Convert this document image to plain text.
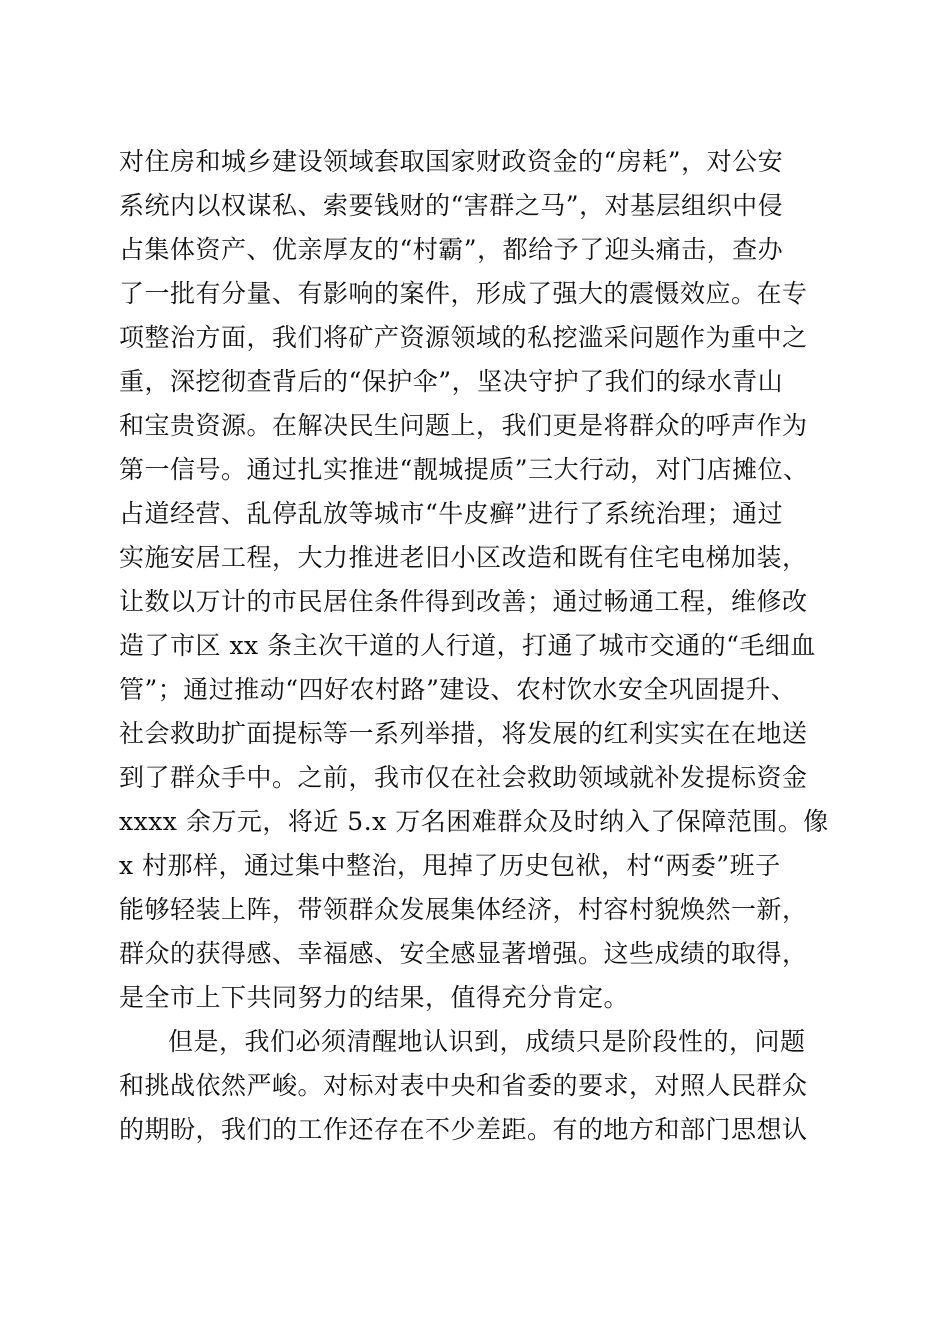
对住房和城乡建设领域套取国家财政资金的“房耗”，对公安
系统内以权谋私、索要钱财的“害群之马”，对基层组织中侵
占集体资产、优亲厚友的“村霸”，都给予了迎头痛击，查办
了一批有分量、有影响的案件，形成了强大的震慑效应。在专
项整治方面，我们将矿产资源领域的私挖滥采问题作为重中之
重，深挖彻查背后的“保护伞”，坚决守护了我们的绿水青山
和宝贵资源。在解决民生问题上，我们更是将群众的呼声作为
第一信号。通过扎实推进“靓城提质”三大行动，对门店摊位、
占道经营、乱停乱放等城市“牛皮癣”进行了系统治理；通过
实施安居工程，大力推进老旧小区改造和既有住宅电梯加装，
让数以万计的市民居住条件得到改善；通过畅通工程，维修改
造了市区 xx 条主次干道的人行道，打通了城市交通的“毛细血
管”；通过推动“四好农村路”建设、农村饮水安全巩固提升、
社会救助扩面提标等一系列举措，将发展的红利实实在在地送
到了群众手中。之前，我市仅在社会救助领域就补发提标资金
xxxx 余万元，将近 5.x 万名困难群众及时纳入了保障范围。像
x 村那样，通过集中整治，甩掉了历史包袱，村“两委”班子
能够轻装上阵，带领群众发展集体经济，村容村貌焕然一新，
群众的获得感、幸福感、安全感显著增强。这些成绩的取得，
是全市上下共同努力的结果，值得充分肯定。
但是，我们必须清醒地认识到，成绩只是阶段性的，问题
和挑战依然严峻。对标对表中央和省委的要求，对照人民群众
的期盼，我们的工作还存在不少差距。有的地方和部门思想认
